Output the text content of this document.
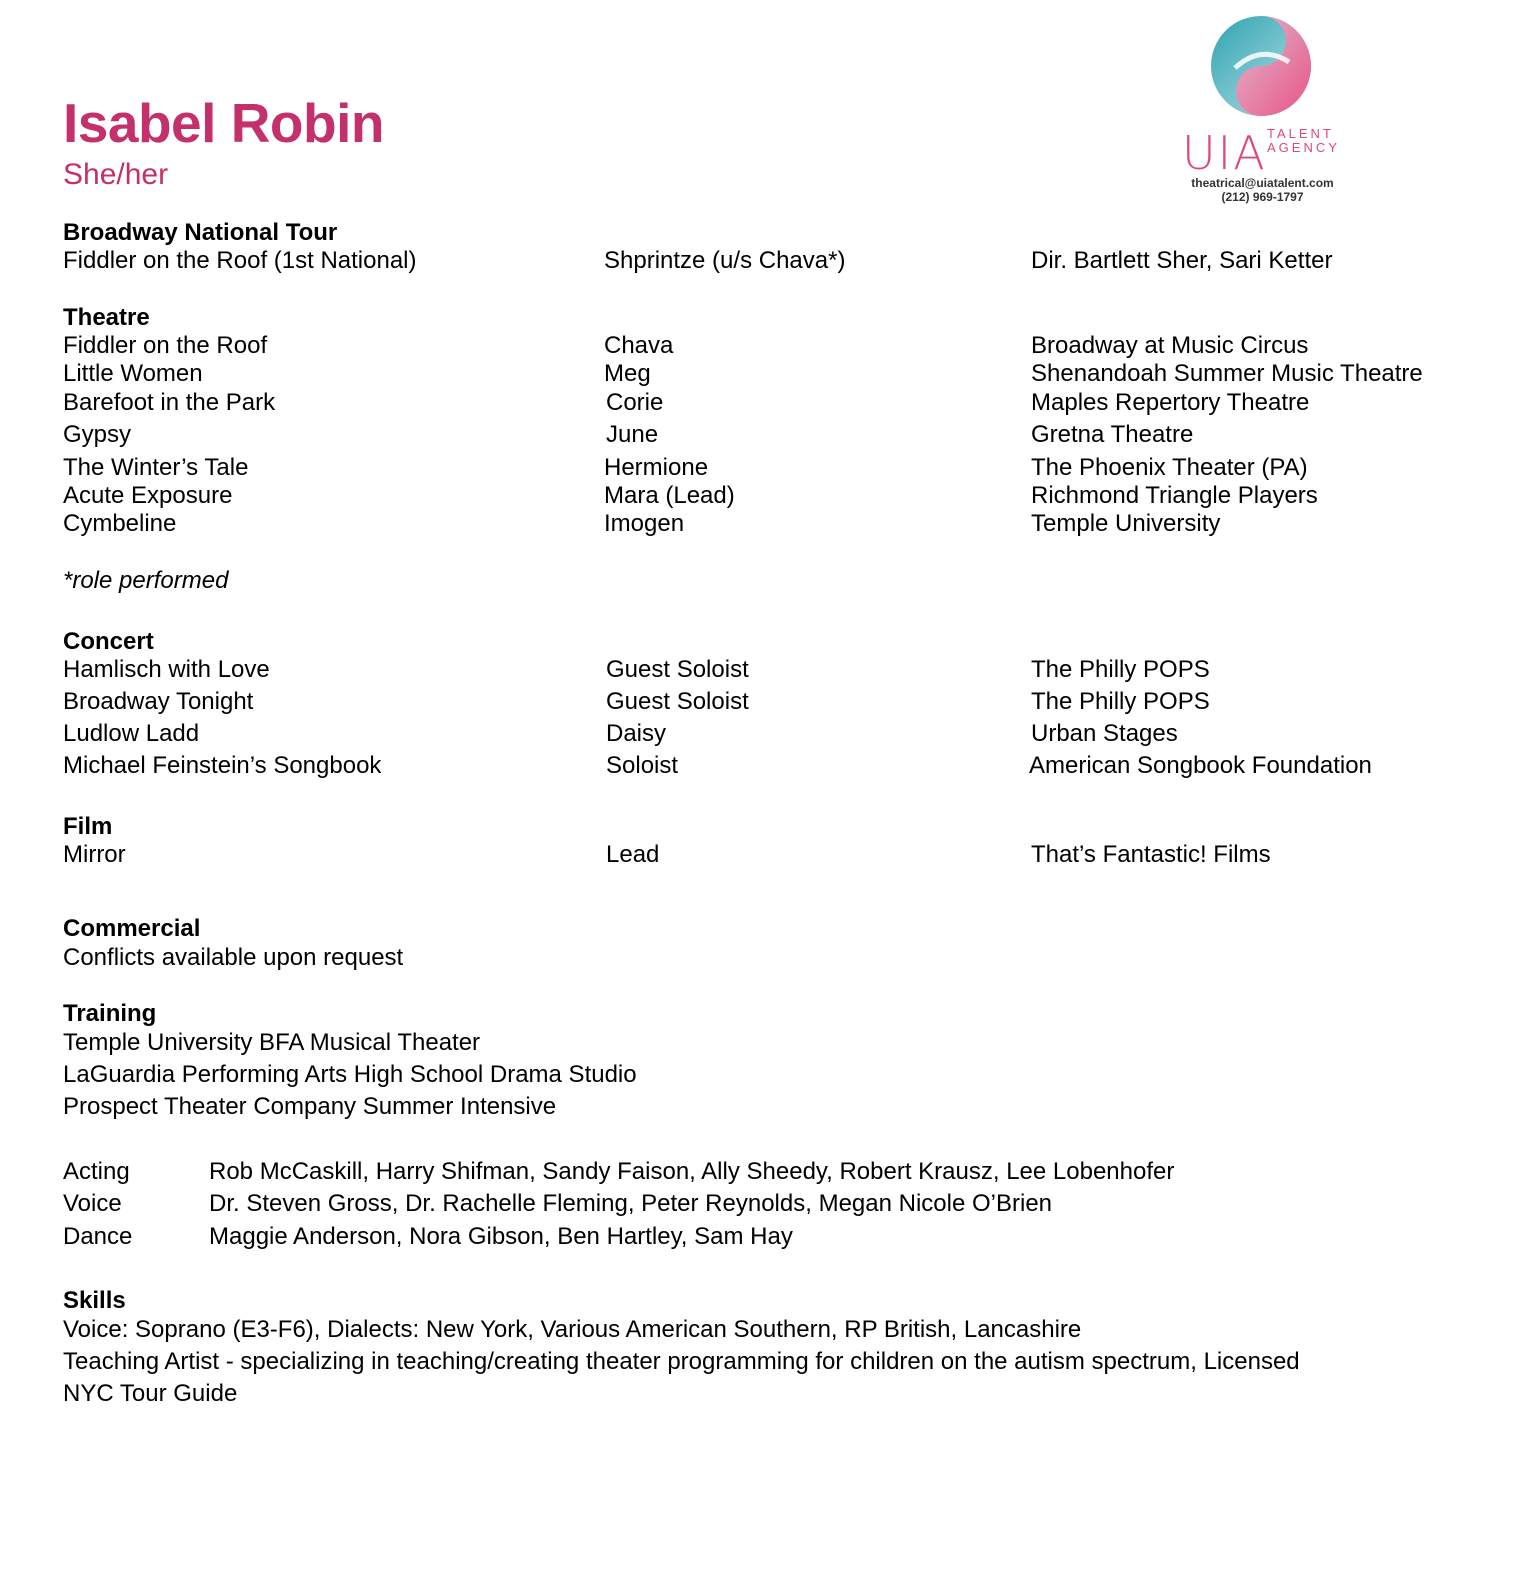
Isabel Robin
She/her	UIA TALENT
AGENCY
theatrical@uiatalent.com
(212) 969-1797
Broadway National Tour
Fiddler on the Roof (1st National)	Shprintze (u/s Chava*)	Dir. Bartlett Sher, Sari Ketter
Theatre
Fiddler on the Roof	Chava	Broadway at Music Circus
Little Women	Meg	Shenandoah Summer Music Theatre
Barefoot in the Park	Corie	Maples Repertory Theatre
Gypsy	June	Gretna Theatre
The Winter’s Tale	Hermione	The Phoenix Theater (PA)
Acute Exposure	Mara (Lead)	Richmond Triangle Players
Cymbeline	Imogen	Temple University
*role performed
Concert
Hamlisch with Love	Guest Soloist	The Philly POPS
Broadway Tonight	Guest Soloist	The Philly POPS
Ludlow Ladd	Daisy	Urban Stages
Michael Feinstein’s Songbook	Soloist	American Songbook Foundation
Film
Mirror	Lead	That’s Fantastic! Films
Commercial
Conflicts available upon request
Training
Temple University BFA Musical Theater
LaGuardia Performing Arts High School Drama Studio
Prospect Theater Company Summer Intensive
Acting	Rob McCaskill, Harry Shifman, Sandy Faison, Ally Sheedy, Robert Krausz, Lee Lobenhofer
Voice	Dr. Steven Gross, Dr. Rachelle Fleming, Peter Reynolds, Megan Nicole O’Brien
Dance	Maggie Anderson, Nora Gibson, Ben Hartley, Sam Hay
Skills
Voice: Soprano (E3-F6), Dialects: New York, Various American Southern, RP British, Lancashire
Teaching Artist - specializing in teaching/creating theater programming for children on the autism spectrum, Licensed
NYC Tour Guide
